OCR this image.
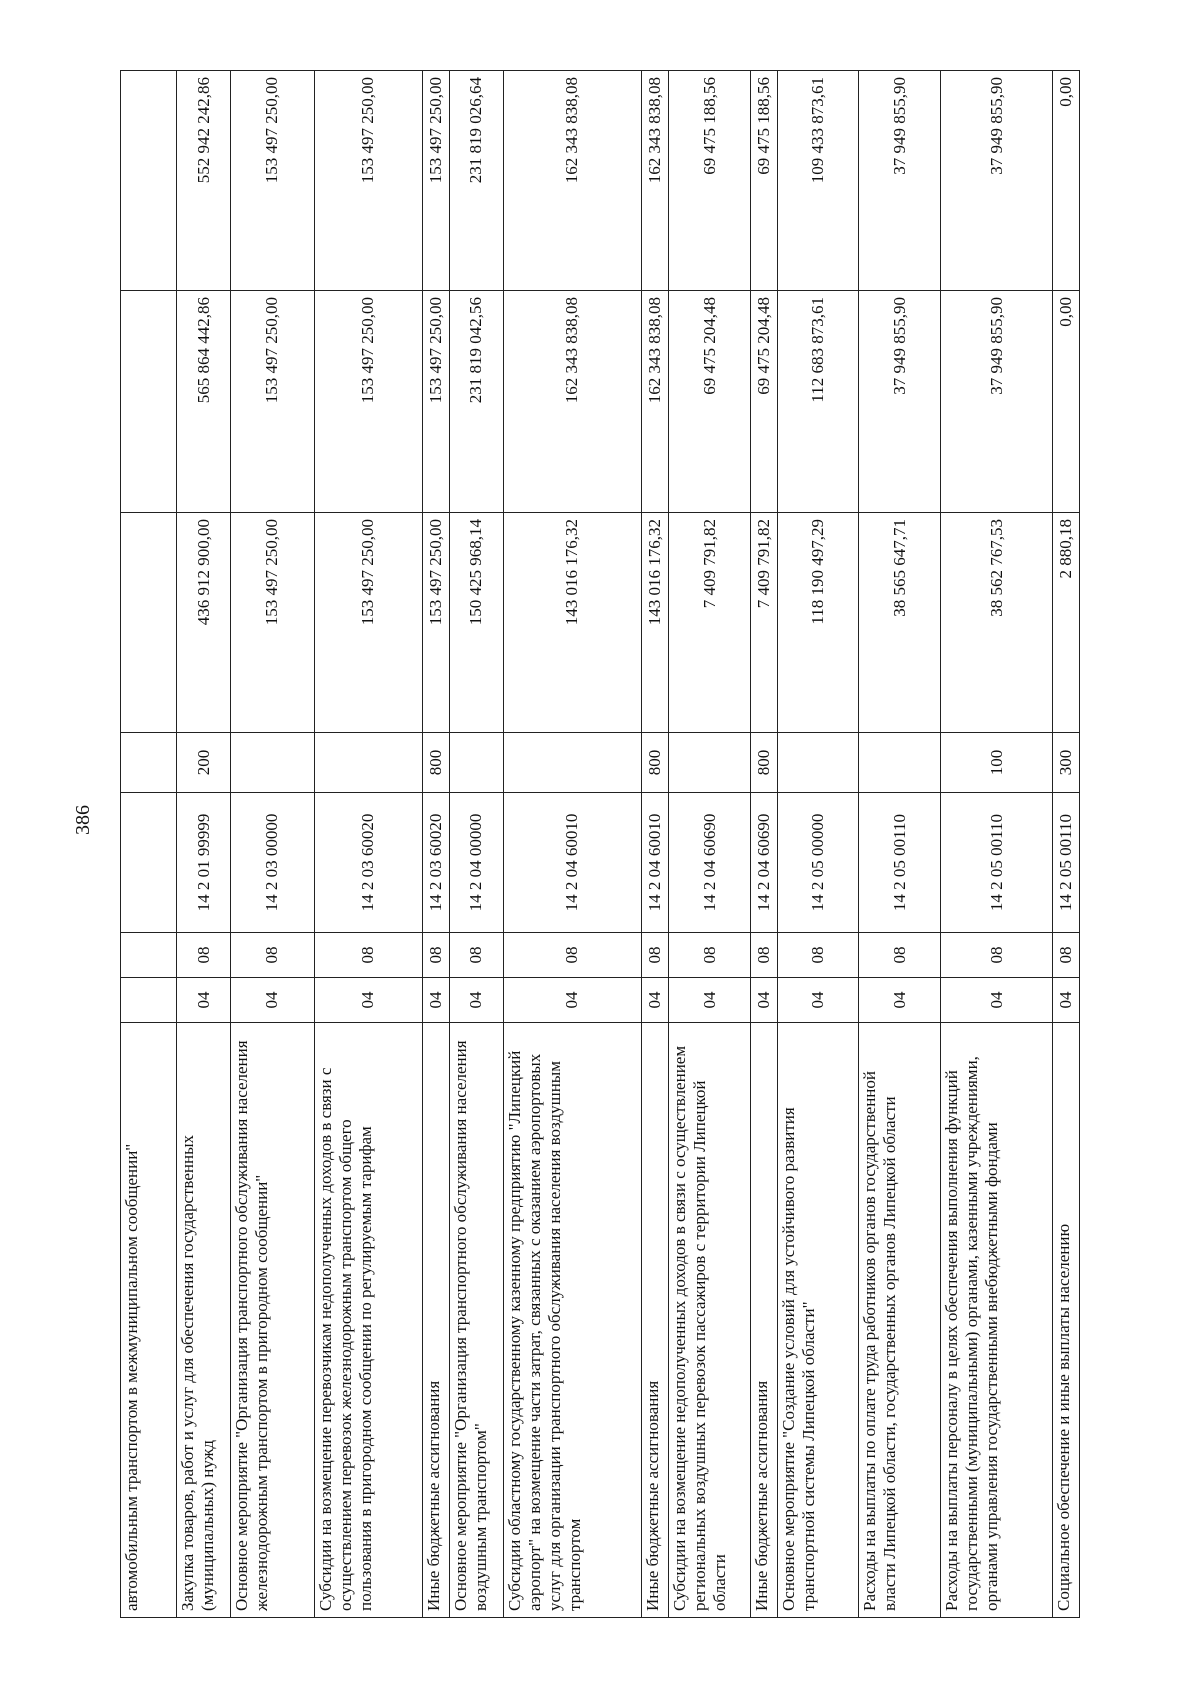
386
автомобильным транспортом в межмуниципальном сообщении"							
Закупка товаров, работ и услуг для обеспечения государственных (муниципальных) нужд	04	08	14 2 01 99999	200	436 912 900,00	565 864 442,86	552 942 242,86
Основное мероприятие "Организация транспортного обслуживания населения железнодорожным транспортом в пригородном сообщении"	04	08	14 2 03 00000		153 497 250,00	153 497 250,00	153 497 250,00
Субсидии на возмещение перевозчикам недополученных доходов в связи с осуществлением перевозок железнодорожным транспортом общего пользования в пригородном сообщении по регулируемым тарифам	04	08	14 2 03 60020		153 497 250,00	153 497 250,00	153 497 250,00
Иные бюджетные ассигнования	04	08	14 2 03 60020	800	153 497 250,00	153 497 250,00	153 497 250,00
Основное мероприятие "Организация транспортного обслуживания населения воздушным транспортом"	04	08	14 2 04 00000		150 425 968,14	231 819 042,56	231 819 026,64
Субсидии областному государственному казенному предприятию "Липецкий аэропорт" на возмещение части затрат, связанных с оказанием аэропортовых услуг для организации транспортного обслуживания населения воздушным транспортом	04	08	14 2 04 60010		143 016 176,32	162 343 838,08	162 343 838,08
Иные бюджетные ассигнования	04	08	14 2 04 60010	800	143 016 176,32	162 343 838,08	162 343 838,08
Субсидии на возмещение недополученных доходов в связи с осуществлением региональных воздушных перевозок пассажиров с территории Липецкой области	04	08	14 2 04 60690		7 409 791,82	69 475 204,48	69 475 188,56
Иные бюджетные ассигнования	04	08	14 2 04 60690	800	7 409 791,82	69 475 204,48	69 475 188,56
Основное мероприятие "Создание условий для устойчивого развития транспортной системы Липецкой области"	04	08	14 2 05 00000		118 190 497,29	112 683 873,61	109 433 873,61
Расходы на выплаты по оплате труда работников органов государственной власти Липецкой области, государственных органов Липецкой области	04	08	14 2 05 00110		38 565 647,71	37 949 855,90	37 949 855,90
Расходы на выплаты персоналу в целях обеспечения выполнения функций государственными (муниципальными) органами, казенными учреждениями, органами управления государственными внебюджетными фондами	04	08	14 2 05 00110	100	38 562 767,53	37 949 855,90	37 949 855,90
Социальное обеспечение и иные выплаты населению	04	08	14 2 05 00110	300	2 880,18	0,00	0,00
